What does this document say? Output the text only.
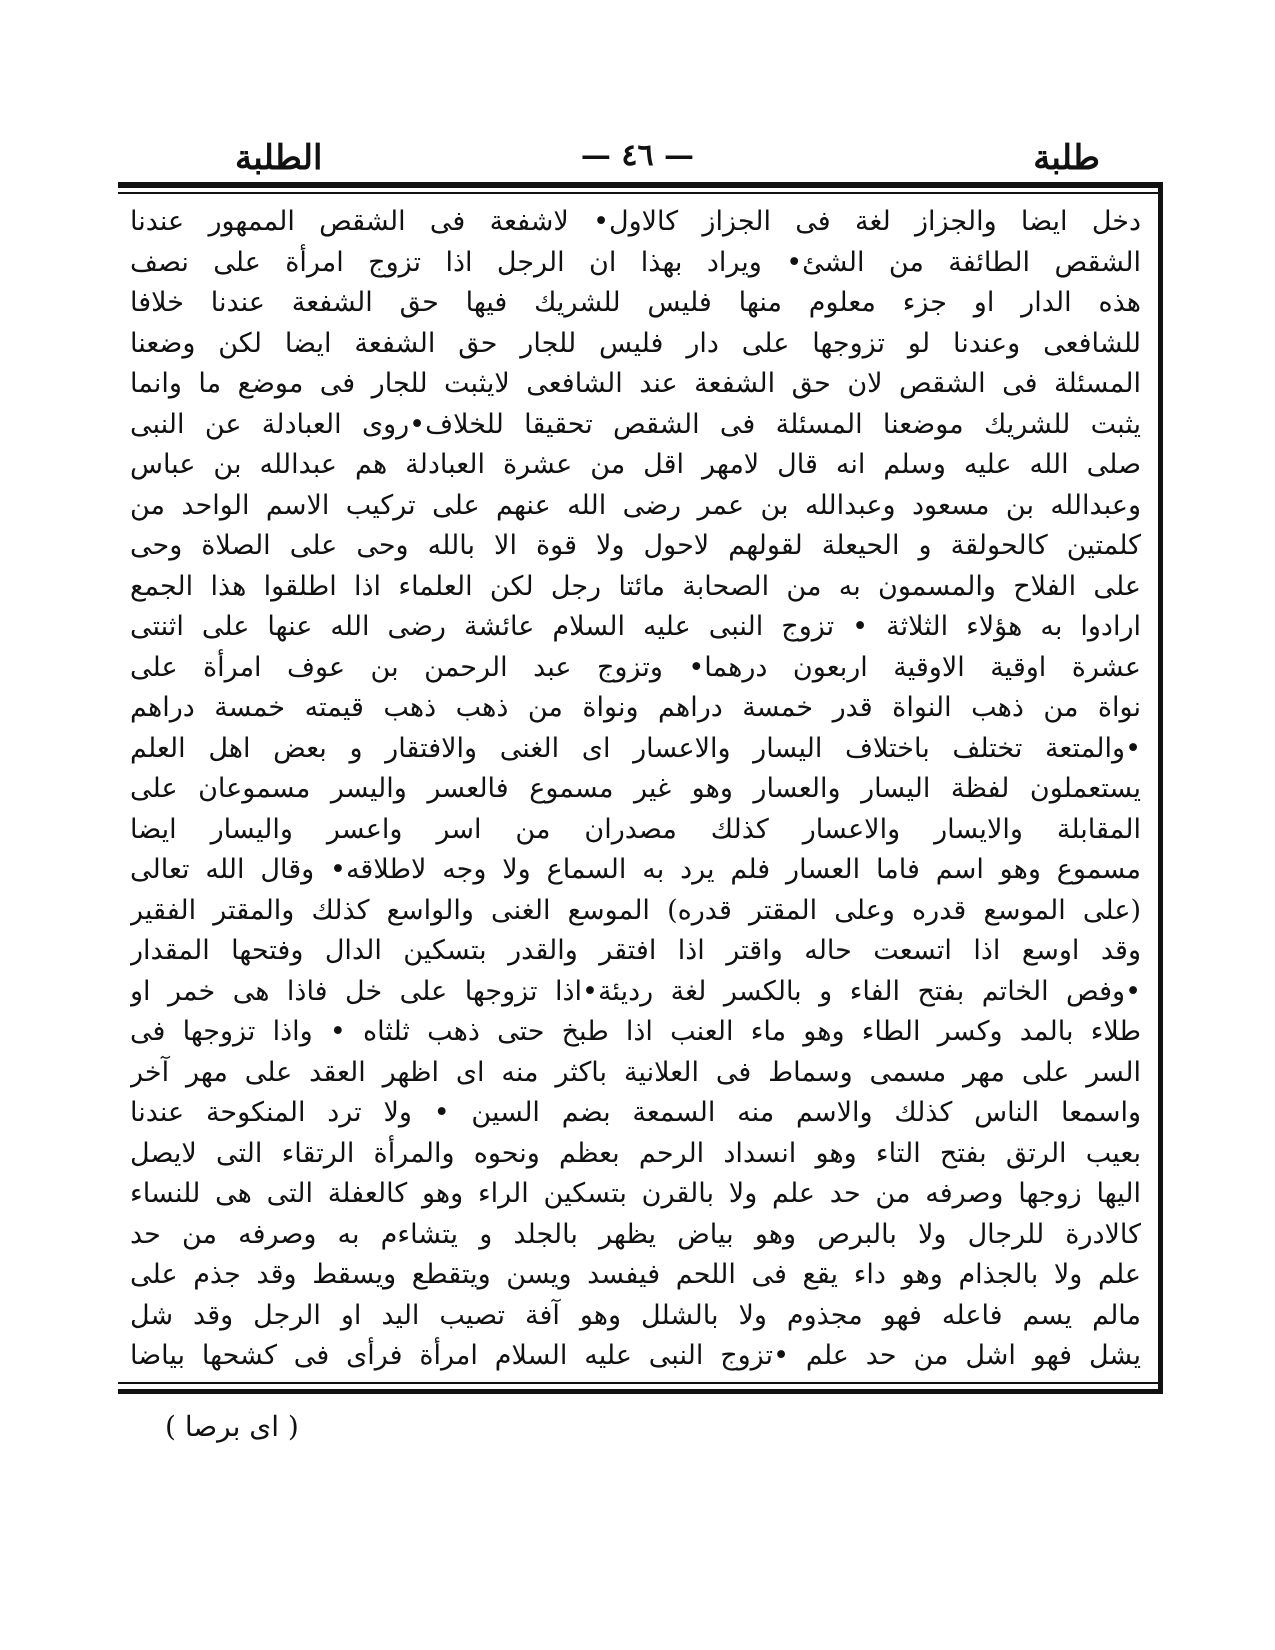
طلبة
— ٤٦ —
الطلبة
دخل ايضا والجزاز لغة فى الجزاز كالاول• لاشفعة فى الشقص الممهور عندنا
الشقص الطائفة من الشئ• ويراد بهذا ان الرجل اذا تزوج امرأة على نصف
هذه الدار او جزء معلوم منها فليس للشريك فيها حق الشفعة عندنا خلافا
للشافعى وعندنا لو تزوجها على دار فليس للجار حق الشفعة ايضا لكن وضعنا
المسئلة فى الشقص لان حق الشفعة عند الشافعى لايثبت للجار فى موضع ما وانما
يثبت للشريك موضعنا المسئلة فى الشقص تحقيقا للخلاف•روى العبادلة عن النبى
صلى الله عليه وسلم انه قال لامهر اقل من عشرة العبادلة هم عبدالله بن عباس
وعبدالله بن مسعود وعبدالله بن عمر رضى الله عنهم على تركيب الاسم الواحد من
كلمتين كالحولقة و الحيعلة لقولهم لاحول ولا قوة الا بالله وحى على الصلاة وحى
على الفلاح والمسمون به من الصحابة مائتا رجل لكن العلماء اذا اطلقوا هذا الجمع
ارادوا به هؤلاء الثلاثة • تزوج النبى عليه السلام عائشة رضى الله عنها على اثنتى
عشرة اوقية الاوقية اربعون درهما• وتزوج عبد الرحمن بن عوف امرأة على
نواة من ذهب النواة قدر خمسة دراهم ونواة من ذهب ذهب قيمته خمسة دراهم
•والمتعة تختلف باختلاف اليسار والاعسار اى الغنى والافتقار و بعض اهل العلم
يستعملون لفظة اليسار والعسار وهو غير مسموع فالعسر واليسر مسموعان على
المقابلة والايسار والاعسار كذلك مصدران من اسر واعسر واليسار ايضا
مسموع وهو اسم فاما العسار فلم يرد به السماع ولا وجه لاطلاقه• وقال الله تعالى
(على الموسع قدره وعلى المقتر قدره) الموسع الغنى والواسع كذلك والمقتر الفقير
وقد اوسع اذا اتسعت حاله واقتر اذا افتقر والقدر بتسكين الدال وفتحها المقدار
•وفص الخاتم بفتح الفاء و بالكسر لغة رديئة•اذا تزوجها على خل فاذا هى خمر او
طلاء بالمد وكسر الطاء وهو ماء العنب اذا طبخ حتى ذهب ثلثاه • واذا تزوجها فى
السر على مهر مسمى وسماط فى العلانية باكثر منه اى اظهر العقد على مهر آخر
واسمعا الناس كذلك والاسم منه السمعة بضم السين • ولا ترد المنكوحة عندنا
بعيب الرتق بفتح التاء وهو انسداد الرحم بعظم ونحوه والمرأة الرتقاء التى لايصل
اليها زوجها وصرفه من حد علم ولا بالقرن بتسكين الراء وهو كالعفلة التى هى للنساء
كالادرة للرجال ولا بالبرص وهو بياض يظهر بالجلد و يتشاءم به وصرفه من حد
علم ولا بالجذام وهو داء يقع فى اللحم فيفسد ويسن ويتقطع ويسقط وقد جذم على
مالم يسم فاعله فهو مجذوم ولا بالشلل وهو آفة تصيب اليد او الرجل وقد شل
يشل فهو اشل من حد علم •تزوج النبى عليه السلام امرأة فرأى فى كشحها بياضا
( اى برصا )
